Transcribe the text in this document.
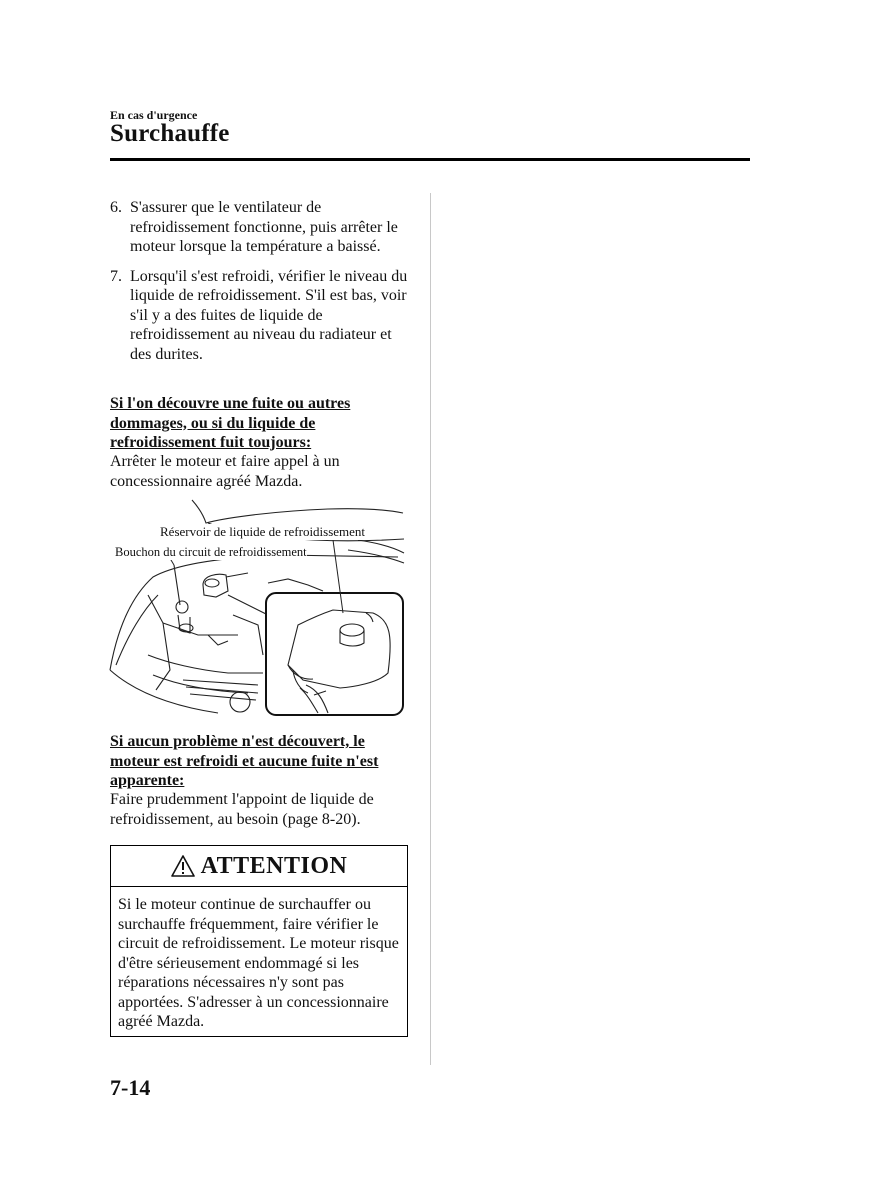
En cas d'urgence
Surchauffe
6. S'assurer que le ventilateur de refroidissement fonctionne, puis arrêter le moteur lorsque la température a baissé.
7. Lorsqu'il s'est refroidi, vérifier le niveau du liquide de refroidissement. S'il est bas, voir s'il y a des fuites de liquide de refroidissement au niveau du radiateur et des durites.
Si l'on découvre une fuite ou autres dommages, ou si du liquide de refroidissement fuit toujours:
Arrêter le moteur et faire appel à un concessionnaire agréé Mazda.
Réservoir de liquide de refroidissement
Bouchon du circuit de refroidissement
Si aucun problème n'est découvert, le moteur est refroidi et aucune fuite n'est apparente:
Faire prudemment l'appoint de liquide de refroidissement, au besoin (page 8-20).
ATTENTION
Si le moteur continue de surchauffer ou surchauffe fréquemment, faire vérifier le circuit de refroidissement. Le moteur risque d'être sérieusement endommagé si les réparations nécessaires n'y sont pas apportées. S'adresser à un concessionnaire agréé Mazda.
7-14
